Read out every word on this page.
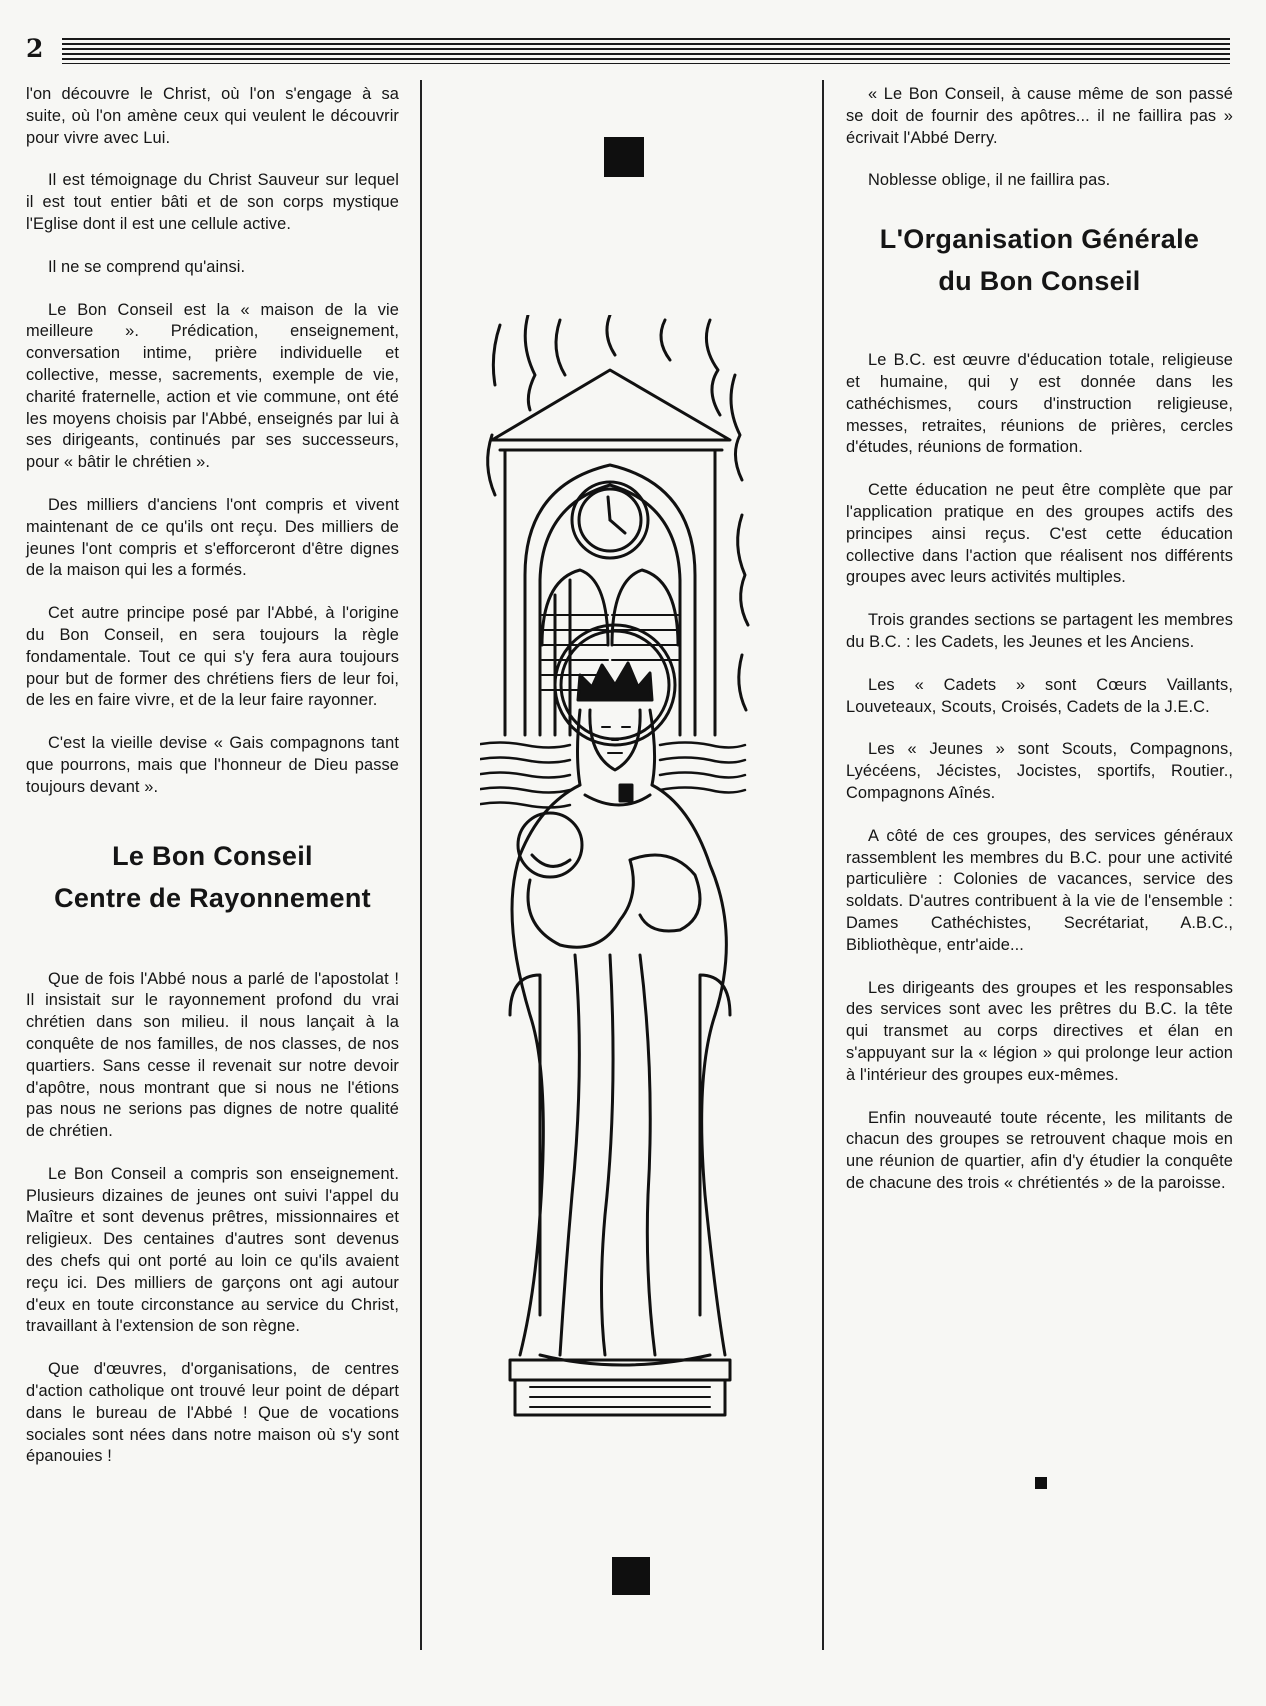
2

l'on découvre le Christ, où l'on s'engage à sa suite, où l'on amène ceux qui veulent le découvrir pour vivre avec Lui.

Il est témoignage du Christ Sauveur sur lequel il est tout entier bâti et de son corps mystique l'Eglise dont il est une cellule active.

Il ne se comprend qu'ainsi.

Le Bon Conseil est la « maison de la vie meilleure ». Prédication, enseignement, conversation intime, prière individuelle et collective, messe, sacrements, exemple de vie, charité fraternelle, action et vie commune, ont été les moyens choisis par l'Abbé, enseignés par lui à ses dirigeants, continués par ses successeurs, pour « bâtir le chrétien ».

Des milliers d'anciens l'ont compris et vivent maintenant de ce qu'ils ont reçu. Des milliers de jeunes l'ont compris et s'efforceront d'être dignes de la maison qui les a formés.

Cet autre principe posé par l'Abbé, à l'origine du Bon Conseil, en sera toujours la règle fondamentale. Tout ce qui s'y fera aura toujours pour but de former des chrétiens fiers de leur foi, de les en faire vivre, et de la leur faire rayonner.

C'est la vieille devise « Gais compagnons tant que pourrons, mais que l'honneur de Dieu passe toujours devant ».

Le Bon Conseil
Centre de Rayonnement

Que de fois l'Abbé nous a parlé de l'apostolat ! Il insistait sur le rayonnement profond du vrai chrétien dans son milieu. il nous lançait à la conquête de nos familles, de nos classes, de nos quartiers. Sans cesse il revenait sur notre devoir d'apôtre, nous montrant que si nous ne l'étions pas nous ne serions pas dignes de notre qualité de chrétien.

Le Bon Conseil a compris son enseignement. Plusieurs dizaines de jeunes ont suivi l'appel du Maître et sont devenus prêtres, missionnaires et religieux. Des centaines d'autres sont devenus des chefs qui ont porté au loin ce qu'ils avaient reçu ici. Des milliers de garçons ont agi autour d'eux en toute circonstance au service du Christ, travaillant à l'extension de son règne.

Que d'œuvres, d'organisations, de centres d'action catholique ont trouvé leur point de départ dans le bureau de l'Abbé ! Que de vocations sociales sont nées dans notre maison où s'y sont épanouies !

« Le Bon Conseil, à cause même de son passé se doit de fournir des apôtres... il ne faillira pas » écrivait l'Abbé Derry.

Noblesse oblige, il ne faillira pas.

L'Organisation Générale
du Bon Conseil

Le B.C. est œuvre d'éducation totale, religieuse et humaine, qui y est donnée dans les cathéchismes, cours d'instruction religieuse, messes, retraites, réunions de prières, cercles d'études, réunions de formation.

Cette éducation ne peut être complète que par l'application pratique en des groupes actifs des principes ainsi reçus. C'est cette éducation collective dans l'action que réalisent nos différents groupes avec leurs activités multiples.

Trois grandes sections se partagent les membres du B.C. : les Cadets, les Jeunes et les Anciens.

Les « Cadets » sont Cœurs Vaillants, Louveteaux, Scouts, Croisés, Cadets de la J.E.C.

Les « Jeunes » sont Scouts, Compagnons, Lyécéens, Jécistes, Jocistes, sportifs, Routier., Compagnons Aînés.

A côté de ces groupes, des services généraux rassemblent les membres du B.C. pour une activité particulière : Colonies de vacances, service des soldats. D'autres contribuent à la vie de l'ensemble : Dames Cathéchistes, Secrétariat, A.B.C., Bibliothèque, entr'aide...

Les dirigeants des groupes et les responsables des services sont avec les prêtres du B.C. la tête qui transmet au corps directives et élan en s'appuyant sur la « légion » qui prolonge leur action à l'intérieur des groupes eux-mêmes.

Enfin nouveauté toute récente, les militants de chacun des groupes se retrouvent chaque mois en une réunion de quartier, afin d'y étudier la conquête de chacune des trois « chrétientés » de la paroisse.
